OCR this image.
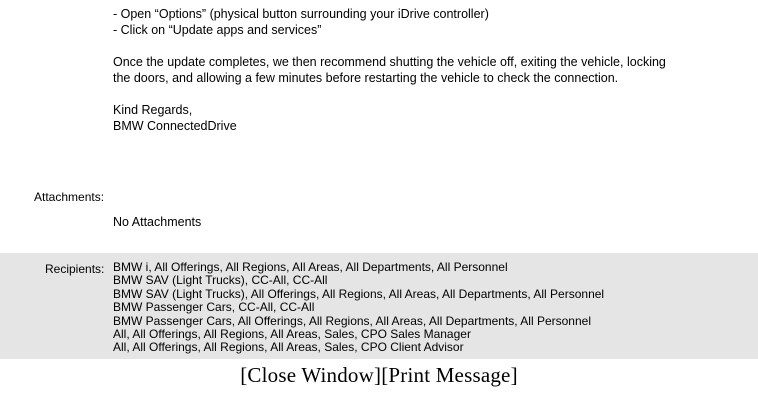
- Open “Options” (physical button surrounding your iDrive controller)

- Click on “Update apps and services”

Once the update completes, we then recommend shutting the vehicle off, exiting the vehicle, locking

the doors, and allowing a few minutes before restarting the vehicle to check the connection.

Kind Regards,

BMW ConnectedDrive

Attachments:
No Attachments
Recipients: BMW i, All Offerings, All Regions, All Areas, All Departments, All Personnel
BMW SAV (Light Trucks), CC-All, CC-All
BMW SAV (Light Trucks), All Offerings, All Regions, All Areas, All Departments, All Personnel
BMW Passenger Cars, CC-All, CC-All
BMW Passenger Cars, All Offerings, All Regions, All Areas, All Departments, All Personnel
All, All Offerings, All Regions, All Areas, Sales, CPO Sales Manager
All, All Offerings, All Regions, All Areas, Sales, CPO Client Advisor
[Close Window][Print Message]
